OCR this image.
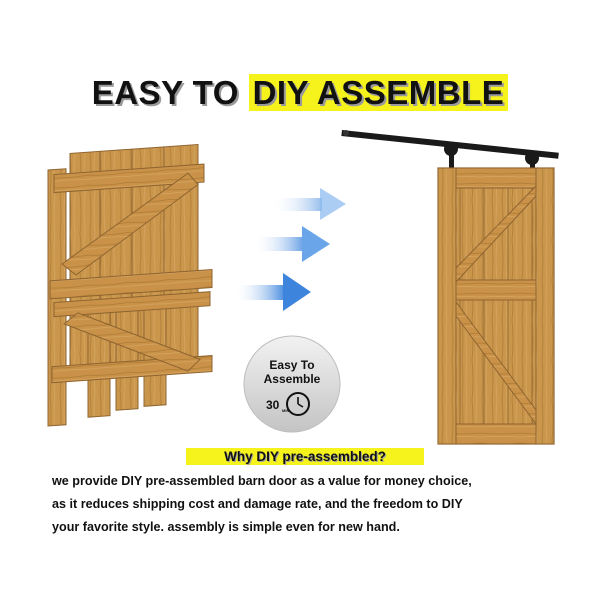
EASY TO DIY ASSEMBLE
Easy To
Assemble
30 MIN
Why DIY pre-assembled?
we provide DIY pre-assembled barn door as a value for money choice,
as it reduces shipping cost and damage rate, and the freedom to DIY
your favorite style. assembly is simple even for new hand.
